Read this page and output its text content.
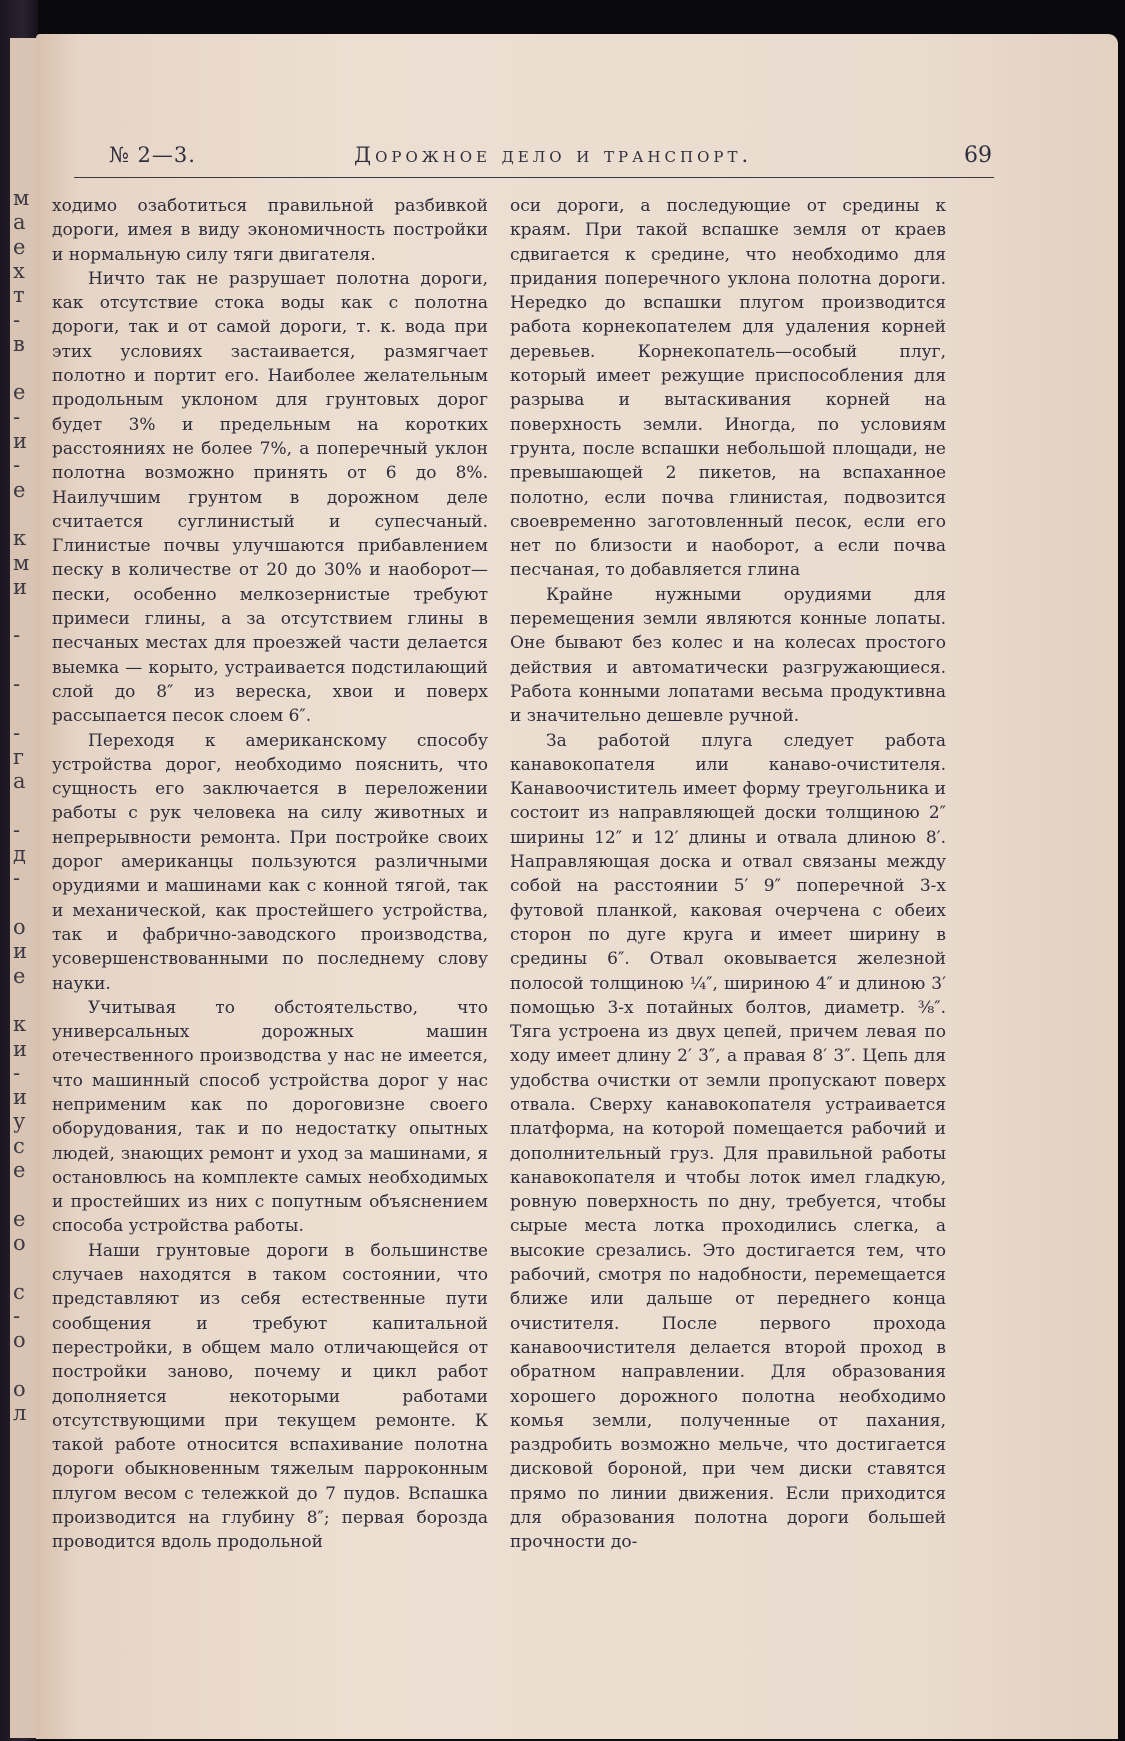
м
а
е
х
т
-
в
е
-
и
-
е
к
м
и
-
-
-
г
а
-
д
-
о
и
е
к
и
-
и
у
с
е
е
о
с
-
о
о
л
№ 2—3.	Дорожное дело и транспорт.	69

ходимо озаботиться правильной разбивкой дороги, имея в виду экономичность постройки и нормальную силу тяги двигателя.

Ничто так не разрушает полотна дороги, как отсутствие стока воды как с полотна дороги, так и от самой дороги, т. к. вода при этих условиях застаивается, размягчает полотно и портит его. Наиболее желательным продольным уклоном для грунтовых дорог будет 3% и предельным на коротких расстояниях не более 7%, а поперечный уклон полотна возможно принять от 6 до 8%. Наилучшим грунтом в дорожном деле считается суглинистый и супесчаный. Глинистые почвы улучшаются прибавлением песку в количестве от 20 до 30% и наоборот—пески, особенно мелкозернистые требуют примеси глины, а за отсутствием глины в песчаных местах для проезжей части делается выемка — корыто, устраивается подстилающий слой до 8″ из вереска, хвои и поверх рассыпается песок слоем 6″.

Переходя к американскому способу устройства дорог, необходимо пояснить, что сущность его заключается в переложении работы с рук человека на силу животных и непрерывности ремонта. При постройке своих дорог американцы пользуются различными орудиями и машинами как с конной тягой, так и механической, как простейшего устройства, так и фабрично-заводского производства, усовершенствованными по последнему слову науки.

Учитывая то обстоятельство, что универсальных дорожных машин отечественного производства у нас не имеется, что машинный способ устройства дорог у нас неприменим как по дороговизне своего оборудования, так и по недостатку опытных людей, знающих ремонт и уход за машинами, я остановлюсь на комплекте самых необходимых и простейших из них с попутным объяснением способа устройства работы.

Наши грунтовые дороги в большинстве случаев находятся в таком состоянии, что представляют из себя естественные пути сообщения и требуют капитальной перестройки, в общем мало отличающейся от постройки заново, почему и цикл работ дополняется некоторыми работами отсутствующими при текущем ремонте. К такой работе относится вспахивание полотна дороги обыкновенным тяжелым парроконным плугом весом с тележкой до 7 пудов. Вспашка производится на глубину 8″; первая борозда проводится вдоль продольной

оси дороги, а последующие от средины к краям. При такой вспашке земля от краев сдвигается к средине, что необходимо для придания поперечного уклона полотна дороги. Нередко до вспашки плугом производится работа корнекопателем для удаления корней деревьев. Корнекопатель—особый плуг, который имеет режущие приспособления для разрыва и вытаскивания корней на поверхность земли. Иногда, по условиям грунта, после вспашки небольшой площади, не превышающей 2 пикетов, на вспаханное полотно, если почва глинистая, подвозится своевременно заготовленный песок, если его нет по близости и наоборот, а если почва песчаная, то добавляется глина

Крайне нужными орудиями для перемещения земли являются конные лопаты. Оне бывают без колес и на колесах простого действия и автоматически разгружающиеся. Работа конными лопатами весьма продуктивна и значительно дешевле ручной.

За работой плуга следует работа канавокопателя или канаво-очистителя. Канавоочиститель имеет форму треугольника и состоит из направляющей доски толщиною 2″ ширины 12″ и 12′ длины и отвала длиною 8′. Направляющая доска и отвал связаны между собой на расстоянии 5′ 9″ поперечной 3-х футовой планкой, каковая очерчена с обеих сторон по дуге круга и имеет ширину в средины 6″. Отвал оковывается железной полосой толщиною ¼″, шириною 4″ и длиною 3′ помощью 3-х потайных болтов, диаметр. ⅜″. Тяга устроена из двух цепей, причем левая по ходу имеет длину 2′ 3″, а правая 8′ 3″. Цепь для удобства очистки от земли пропускают поверх отвала. Сверху канавокопателя устраивается платформа, на которой помещается рабочий и дополнительный груз. Для правильной работы канавокопателя и чтобы лоток имел гладкую, ровную поверхность по дну, требуется, чтобы сырые места лотка проходились слегка, а высокие срезались. Это достигается тем, что рабочий, смотря по надобности, перемещается ближе или дальше от переднего конца очистителя. После первого прохода канавоочистителя делается второй проход в обратном направлении. Для образования хорошего дорожного полотна необходимо комья земли, полученные от пахания, раздробить возможно мельче, что достигается дисковой бороной, при чем диски ставятся прямо по линии движения. Если приходится для образования полотна дороги большей прочности до-
